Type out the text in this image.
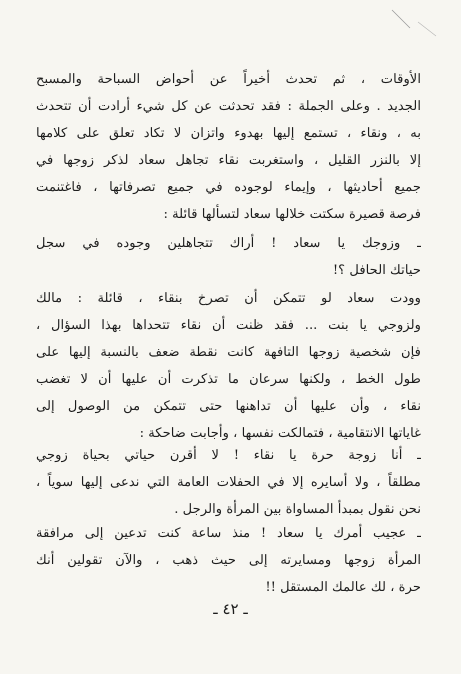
الأوقات ، ثم تحدث أخيراً عن أحواض السباحة والمسبح
الجديد . وعلى الجملة : فقد تحدثت عن كل شيء أرادت أن تتحدث
به ، ونقاء ، تستمع إليها بهدوء واتزان لا تكاد تعلق على كلامها
إلا بالنزر القليل ، واستغربت نقاء تجاهل سعاد لذكر زوجها في
جميع أحاديثها ، وإيماء لوجوده في جميع تصرفاتها ، فاغتنمت
فرصة قصيرة سكتت خلالها سعاد لتسألها قائلة :
ـ وزوجك يا سعاد ! أراك تتجاهلين وجوده في سجل
حياتك الحافل ؟!
وودت سعاد لو تتمكن أن تصرخ بنقاء ، قائلة : مالك
ولزوجي يا بنت ... فقد ظنت أن نقاء تتحداها بهذا السؤال ،
فإن شخصية زوجها التافهة كانت نقطة ضعف بالنسبة إليها على
طول الخط ، ولكنها سرعان ما تذكرت أن عليها أن لا تغضب
نقاء ، وأن عليها أن تداهنها حتى تتمكن من الوصول إلى
غاياتها الانتقامية ، فتمالكت نفسها ، وأجابت ضاحكة :
ـ أنا زوجة حرة يا نقاء ! لا أقرن حياتي بحياة زوجي
مطلقاً ، ولا أسايره إلا في الحفلات العامة التي ندعى إليها سوياً ،
نحن نقول بمبدأ المساواة بين المرأة والرجل .
ـ عجيب أمرك يا سعاد ! منذ ساعة كنت تدعين إلى مرافقة
المرأة زوجها ومسايرته إلى حيث ذهب ، والآن تقولين أنك
حرة ، لك عالمك المستقل !!
ـ ٤٢ ـ
